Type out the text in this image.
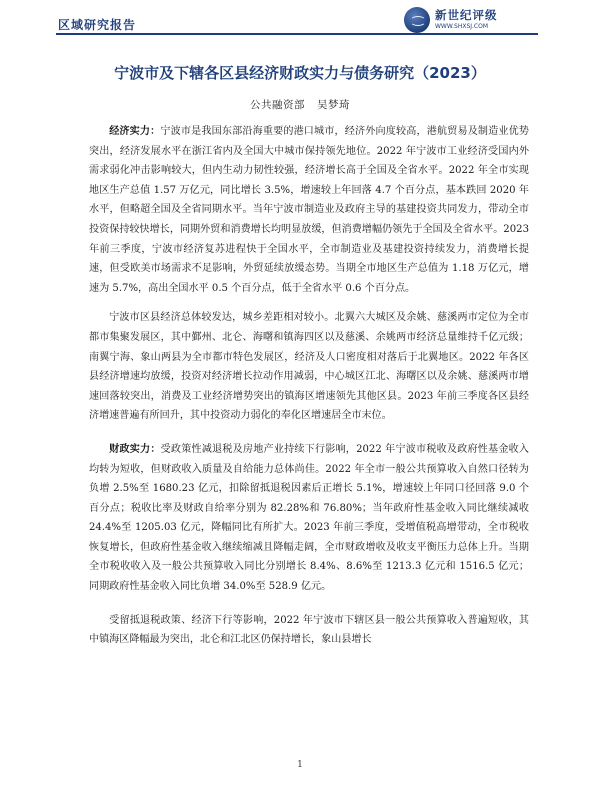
区域研究报告
新世纪评级
WWW.SHXSJ.COM
宁波市及下辖各区县经济财政实力与债务研究（2023）
公共融资部 吴梦琦

经济实力：宁波市是我国东部沿海重要的港口城市，经济外向度较高，港航贸易及制造业优势突出，经济发展水平在浙江省内及全国大中城市保持领先地位。2022 年宁波市工业经济受国内外需求弱化冲击影响较大，但内生动力韧性较强，经济增长高于全国及全省水平。2022 年全市实现地区生产总值 1.57 万亿元，同比增长 3.5%，增速较上年回落 4.7 个百分点，基本跌回 2020 年水平，但略超全国及全省同期水平。当年宁波市制造业及政府主导的基建投资共同发力，带动全市投资保持较快增长，同期外贸和消费增长均明显放缓，但消费增幅仍领先于全国及全省水平。2023 年前三季度，宁波市经济复苏进程快于全国水平，全市制造业及基建投资持续发力，消费增长提速，但受欧美市场需求不足影响，外贸延续放缓态势。当期全市地区生产总值为 1.18 万亿元，增速为 5.7%，高出全国水平 0.5 个百分点，低于全省水平 0.6 个百分点。

宁波市区县经济总体较发达，城乡差距相对较小。北翼六大城区及余姚、慈溪两市定位为全市都市集聚发展区，其中鄞州、北仑、海曙和镇海四区以及慈溪、余姚两市经济总量维持千亿元级；南翼宁海、象山两县为全市都市特色发展区，经济及人口密度相对落后于北翼地区。2022 年各区县经济增速均放缓，投资对经济增长拉动作用减弱，中心城区江北、海曙区以及余姚、慈溪两市增速回落较突出，消费及工业经济增势突出的镇海区增速领先其他区县。2023 年前三季度各区县经济增速普遍有所回升，其中投资动力弱化的奉化区增速居全市末位。

财政实力：受政策性减退税及房地产业持续下行影响，2022 年宁波市税收及政府性基金收入均转为短收，但财政收入质量及自给能力总体尚佳。2022 年全市一般公共预算收入自然口径转为负增 2.5%至 1680.23 亿元，扣除留抵退税因素后正增长 5.1%，增速较上年同口径回落 9.0 个百分点；税收比率及财政自给率分别为 82.28%和 76.80%；当年政府性基金收入同比继续减收 24.4%至 1205.03 亿元，降幅同比有所扩大。2023 年前三季度，受增值税高增带动，全市税收恢复增长，但政府性基金收入继续缩减且降幅走阔，全市财政增收及收支平衡压力总体上升。当期全市税收收入及一般公共预算收入同比分别增长 8.4%、8.6%至 1213.3 亿元和 1516.5 亿元；同期政府性基金收入同比负增 34.0%至 528.9 亿元。

受留抵退税政策、经济下行等影响，2022 年宁波市下辖区县一般公共预算收入普遍短收，其中镇海区降幅最为突出，北仑和江北区仍保持增长，象山县增长

1
